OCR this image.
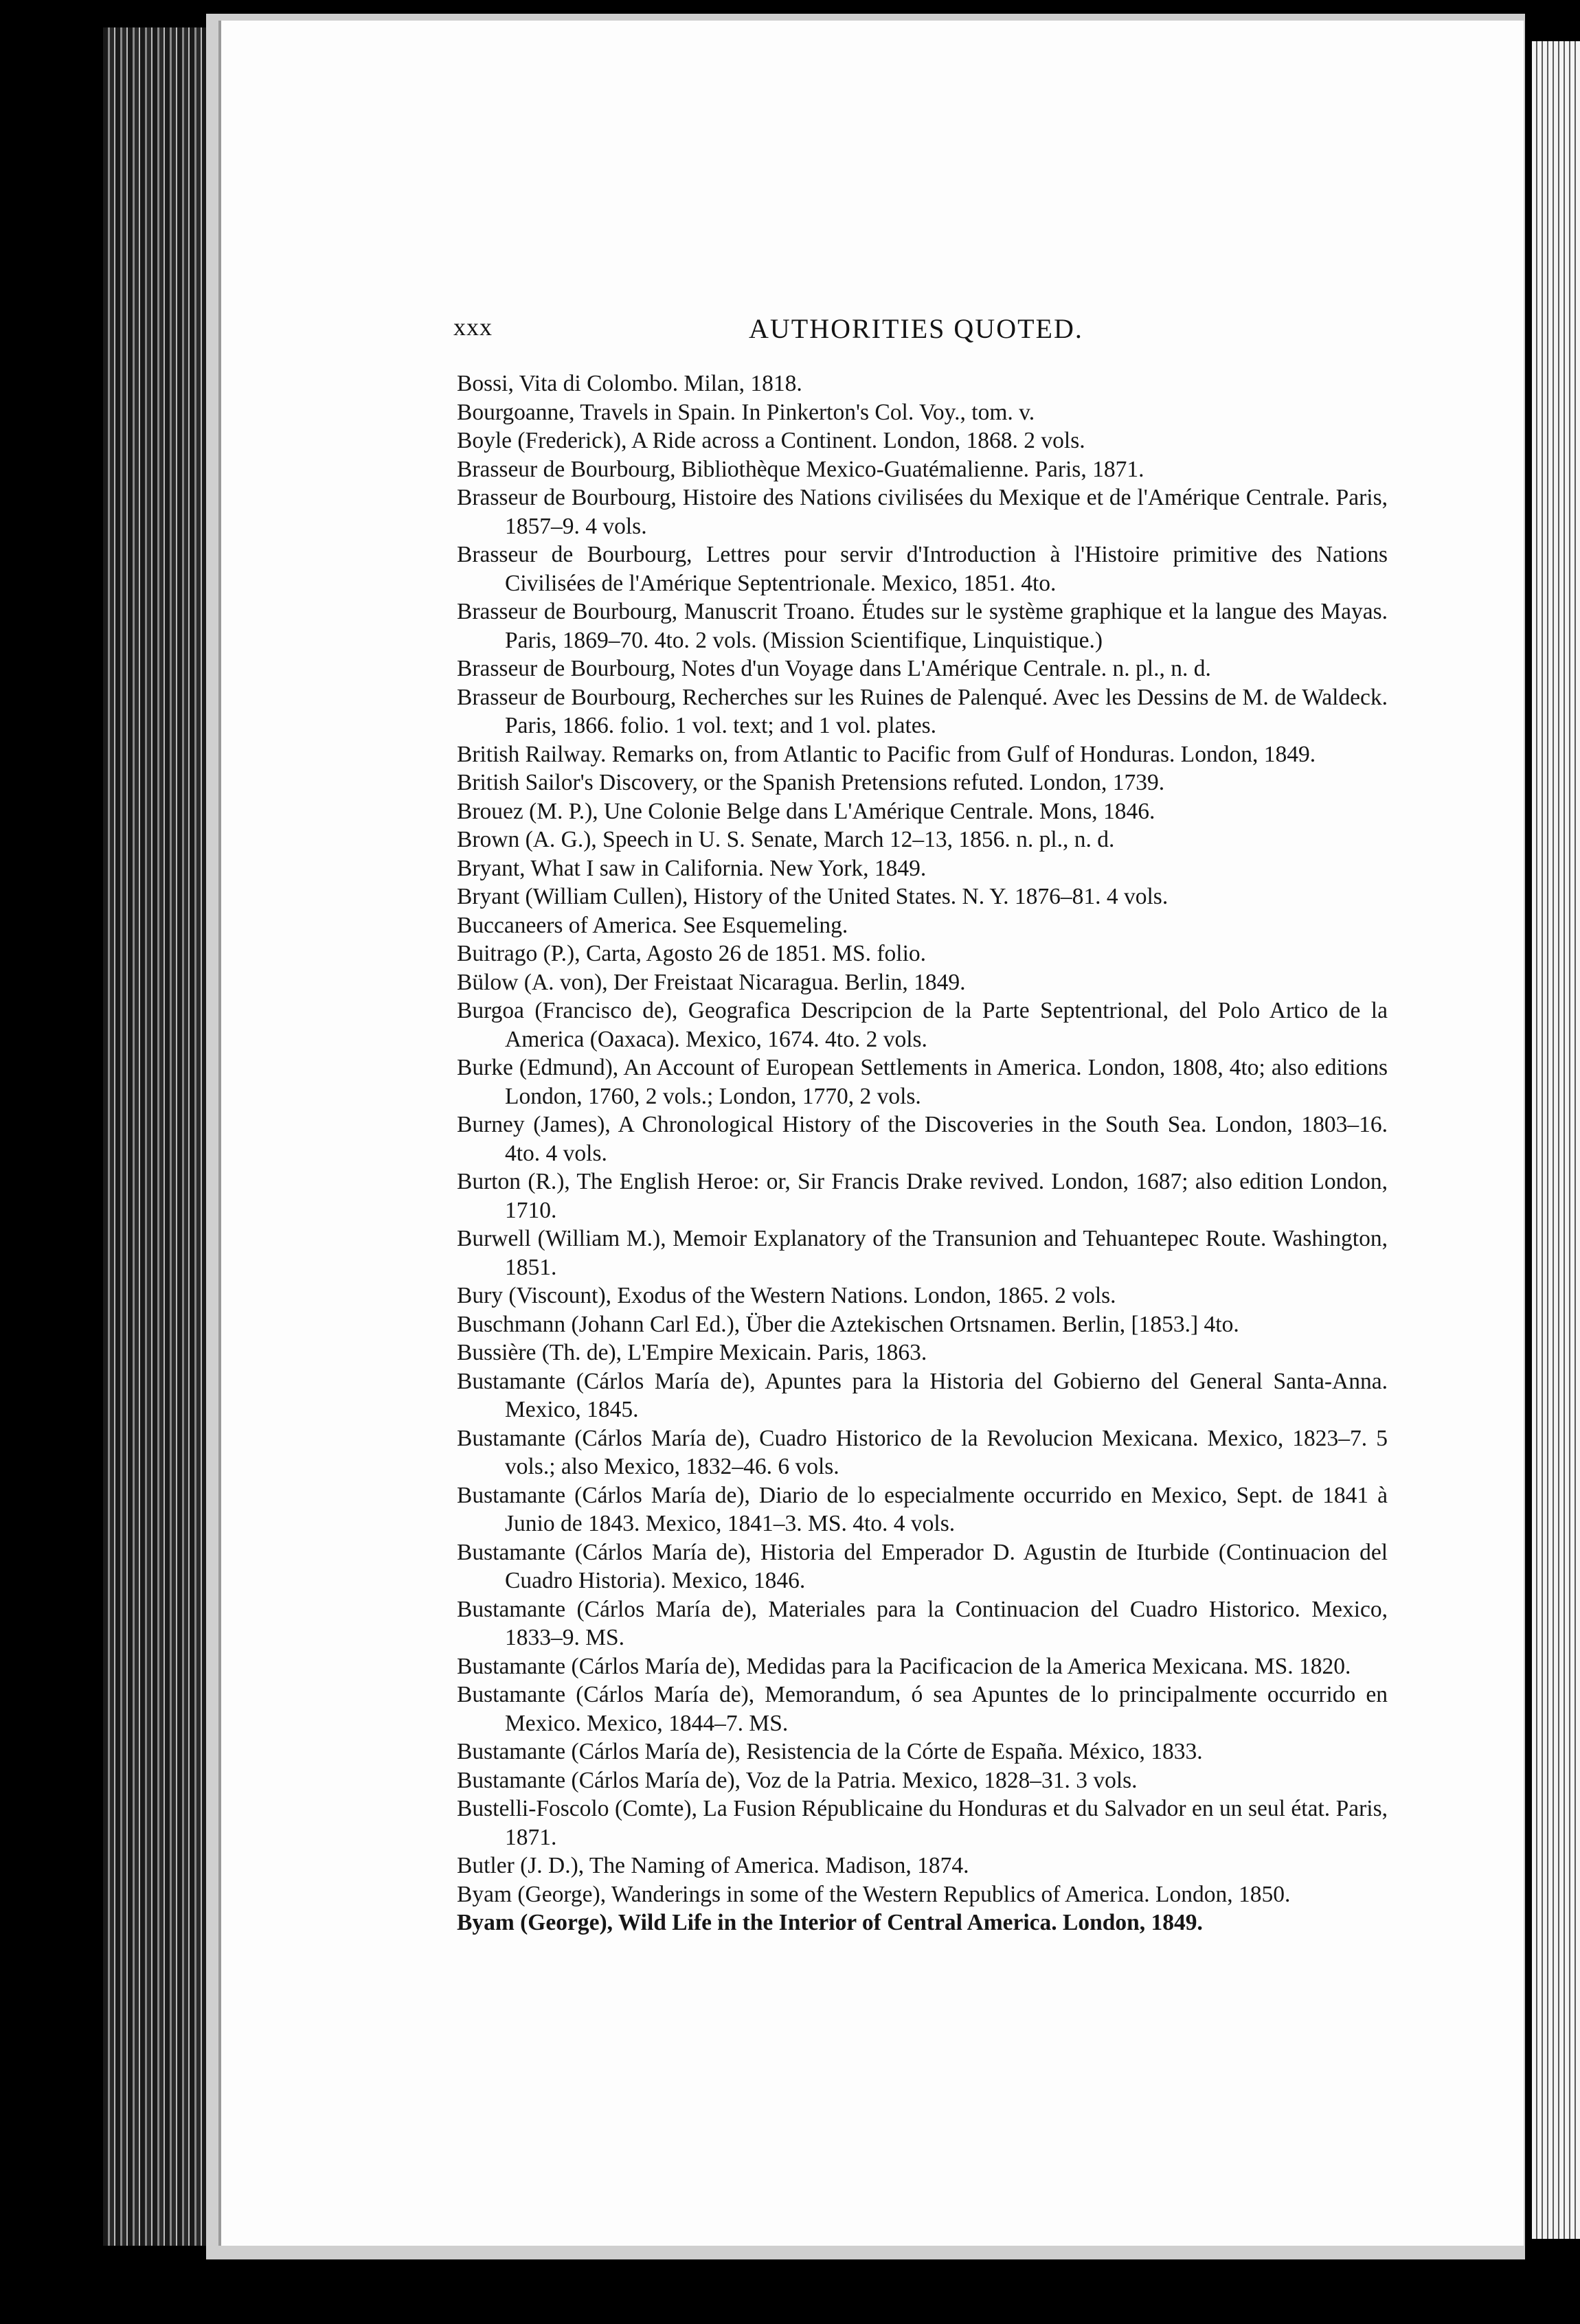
xxx	AUTHORITIES QUOTED.
Bossi, Vita di Colombo. Milan, 1818.
Bourgoanne, Travels in Spain. In Pinkerton's Col. Voy., tom. v.
Boyle (Frederick), A Ride across a Continent. London, 1868. 2 vols.
Brasseur de Bourbourg, Bibliothèque Mexico-Guatémalienne. Paris, 1871.
Brasseur de Bourbourg, Histoire des Nations civilisées du Mexique et de l'Amérique Centrale. Paris, 1857–9. 4 vols.
Brasseur de Bourbourg, Lettres pour servir d'Introduction à l'Histoire primitive des Nations Civilisées de l'Amérique Septentrionale. Mexico, 1851. 4to.
Brasseur de Bourbourg, Manuscrit Troano. Études sur le système graphique et la langue des Mayas. Paris, 1869–70. 4to. 2 vols. (Mission Scientifique, Linquistique.)
Brasseur de Bourbourg, Notes d'un Voyage dans L'Amérique Centrale. n. pl., n. d.
Brasseur de Bourbourg, Recherches sur les Ruines de Palenqué. Avec les Dessins de M. de Waldeck. Paris, 1866. folio. 1 vol. text; and 1 vol. plates.
British Railway. Remarks on, from Atlantic to Pacific from Gulf of Honduras. London, 1849.
British Sailor's Discovery, or the Spanish Pretensions refuted. London, 1739.
Brouez (M. P.), Une Colonie Belge dans L'Amérique Centrale. Mons, 1846.
Brown (A. G.), Speech in U. S. Senate, March 12–13, 1856. n. pl., n. d.
Bryant, What I saw in California. New York, 1849.
Bryant (William Cullen), History of the United States. N. Y. 1876–81. 4 vols.
Buccaneers of America. See Esquemeling.
Buitrago (P.), Carta, Agosto 26 de 1851. MS. folio.
Bülow (A. von), Der Freistaat Nicaragua. Berlin, 1849.
Burgoa (Francisco de), Geografica Descripcion de la Parte Septentrional, del Polo Artico de la America (Oaxaca). Mexico, 1674. 4to. 2 vols.
Burke (Edmund), An Account of European Settlements in America. London, 1808, 4to; also editions London, 1760, 2 vols.; London, 1770, 2 vols.
Burney (James), A Chronological History of the Discoveries in the South Sea. London, 1803–16. 4to. 4 vols.
Burton (R.), The English Heroe: or, Sir Francis Drake revived. London, 1687; also edition London, 1710.
Burwell (William M.), Memoir Explanatory of the Transunion and Tehuantepec Route. Washington, 1851.
Bury (Viscount), Exodus of the Western Nations. London, 1865. 2 vols.
Buschmann (Johann Carl Ed.), Über die Aztekischen Ortsnamen. Berlin, [1853.] 4to.
Bussière (Th. de), L'Empire Mexicain. Paris, 1863.
Bustamante (Cárlos María de), Apuntes para la Historia del Gobierno del General Santa-Anna. Mexico, 1845.
Bustamante (Cárlos María de), Cuadro Historico de la Revolucion Mexicana. Mexico, 1823–7. 5 vols.; also Mexico, 1832–46. 6 vols.
Bustamante (Cárlos María de), Diario de lo especialmente occurrido en Mexico, Sept. de 1841 à Junio de 1843. Mexico, 1841–3. MS. 4to. 4 vols.
Bustamante (Cárlos María de), Historia del Emperador D. Agustin de Iturbide (Continuacion del Cuadro Historia). Mexico, 1846.
Bustamante (Cárlos María de), Materiales para la Continuacion del Cuadro Historico. Mexico, 1833–9. MS.
Bustamante (Cárlos María de), Medidas para la Pacificacion de la America Mexicana. MS. 1820.
Bustamante (Cárlos María de), Memorandum, ó sea Apuntes de lo principalmente occurrido en Mexico. Mexico, 1844–7. MS.
Bustamante (Cárlos María de), Resistencia de la Córte de España. México, 1833.
Bustamante (Cárlos María de), Voz de la Patria. Mexico, 1828–31. 3 vols.
Bustelli-Foscolo (Comte), La Fusion Républicaine du Honduras et du Salvador en un seul état. Paris, 1871.
Butler (J. D.), The Naming of America. Madison, 1874.
Byam (George), Wanderings in some of the Western Republics of America. London, 1850.
Byam (George), Wild Life in the Interior of Central America. London, 1849.
